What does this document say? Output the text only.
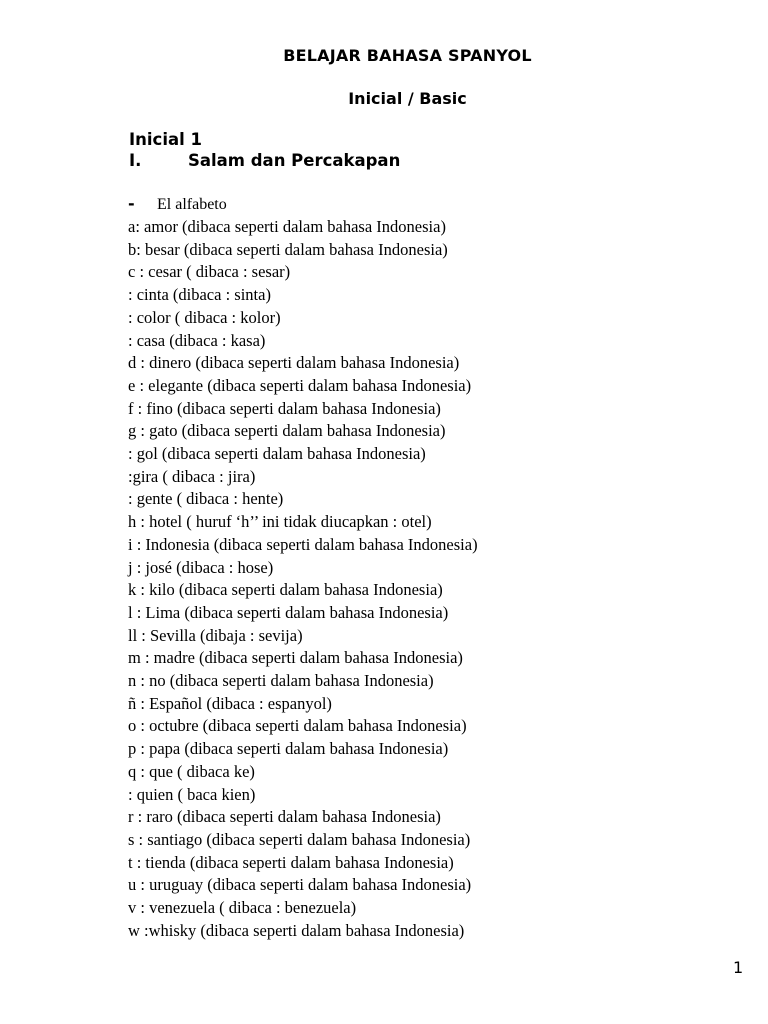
BELAJAR BAHASA SPANYOL
Inicial / Basic
Inicial 1
I.	Salam dan Percakapan
- El alfabeto
a: amor (dibaca seperti dalam bahasa Indonesia)
b: besar (dibaca seperti dalam bahasa Indonesia)
c : cesar ( dibaca : sesar)
: cinta (dibaca : sinta)
: color ( dibaca : kolor)
: casa (dibaca : kasa)
d : dinero (dibaca seperti dalam bahasa Indonesia)
e : elegante (dibaca seperti dalam bahasa Indonesia)
f : fino (dibaca seperti dalam bahasa Indonesia)
g : gato (dibaca seperti dalam bahasa Indonesia)
: gol (dibaca seperti dalam bahasa Indonesia)
:gira ( dibaca : jira)
: gente ( dibaca : hente)
h : hotel ( huruf ‘h’’ ini tidak diucapkan : otel)
i : Indonesia (dibaca seperti dalam bahasa Indonesia)
j : josé (dibaca : hose)
k : kilo (dibaca seperti dalam bahasa Indonesia)
l : Lima (dibaca seperti dalam bahasa Indonesia)
ll : Sevilla (dibaja : sevija)
m : madre (dibaca seperti dalam bahasa Indonesia)
n : no (dibaca seperti dalam bahasa Indonesia)
ñ : Español (dibaca : espanyol)
o : octubre (dibaca seperti dalam bahasa Indonesia)
p : papa (dibaca seperti dalam bahasa Indonesia)
q : que ( dibaca ke)
: quien ( baca kien)
r : raro (dibaca seperti dalam bahasa Indonesia)
s : santiago (dibaca seperti dalam bahasa Indonesia)
t : tienda (dibaca seperti dalam bahasa Indonesia)
u : uruguay (dibaca seperti dalam bahasa Indonesia)
v : venezuela ( dibaca : benezuela)
w :whisky (dibaca seperti dalam bahasa Indonesia)
1
